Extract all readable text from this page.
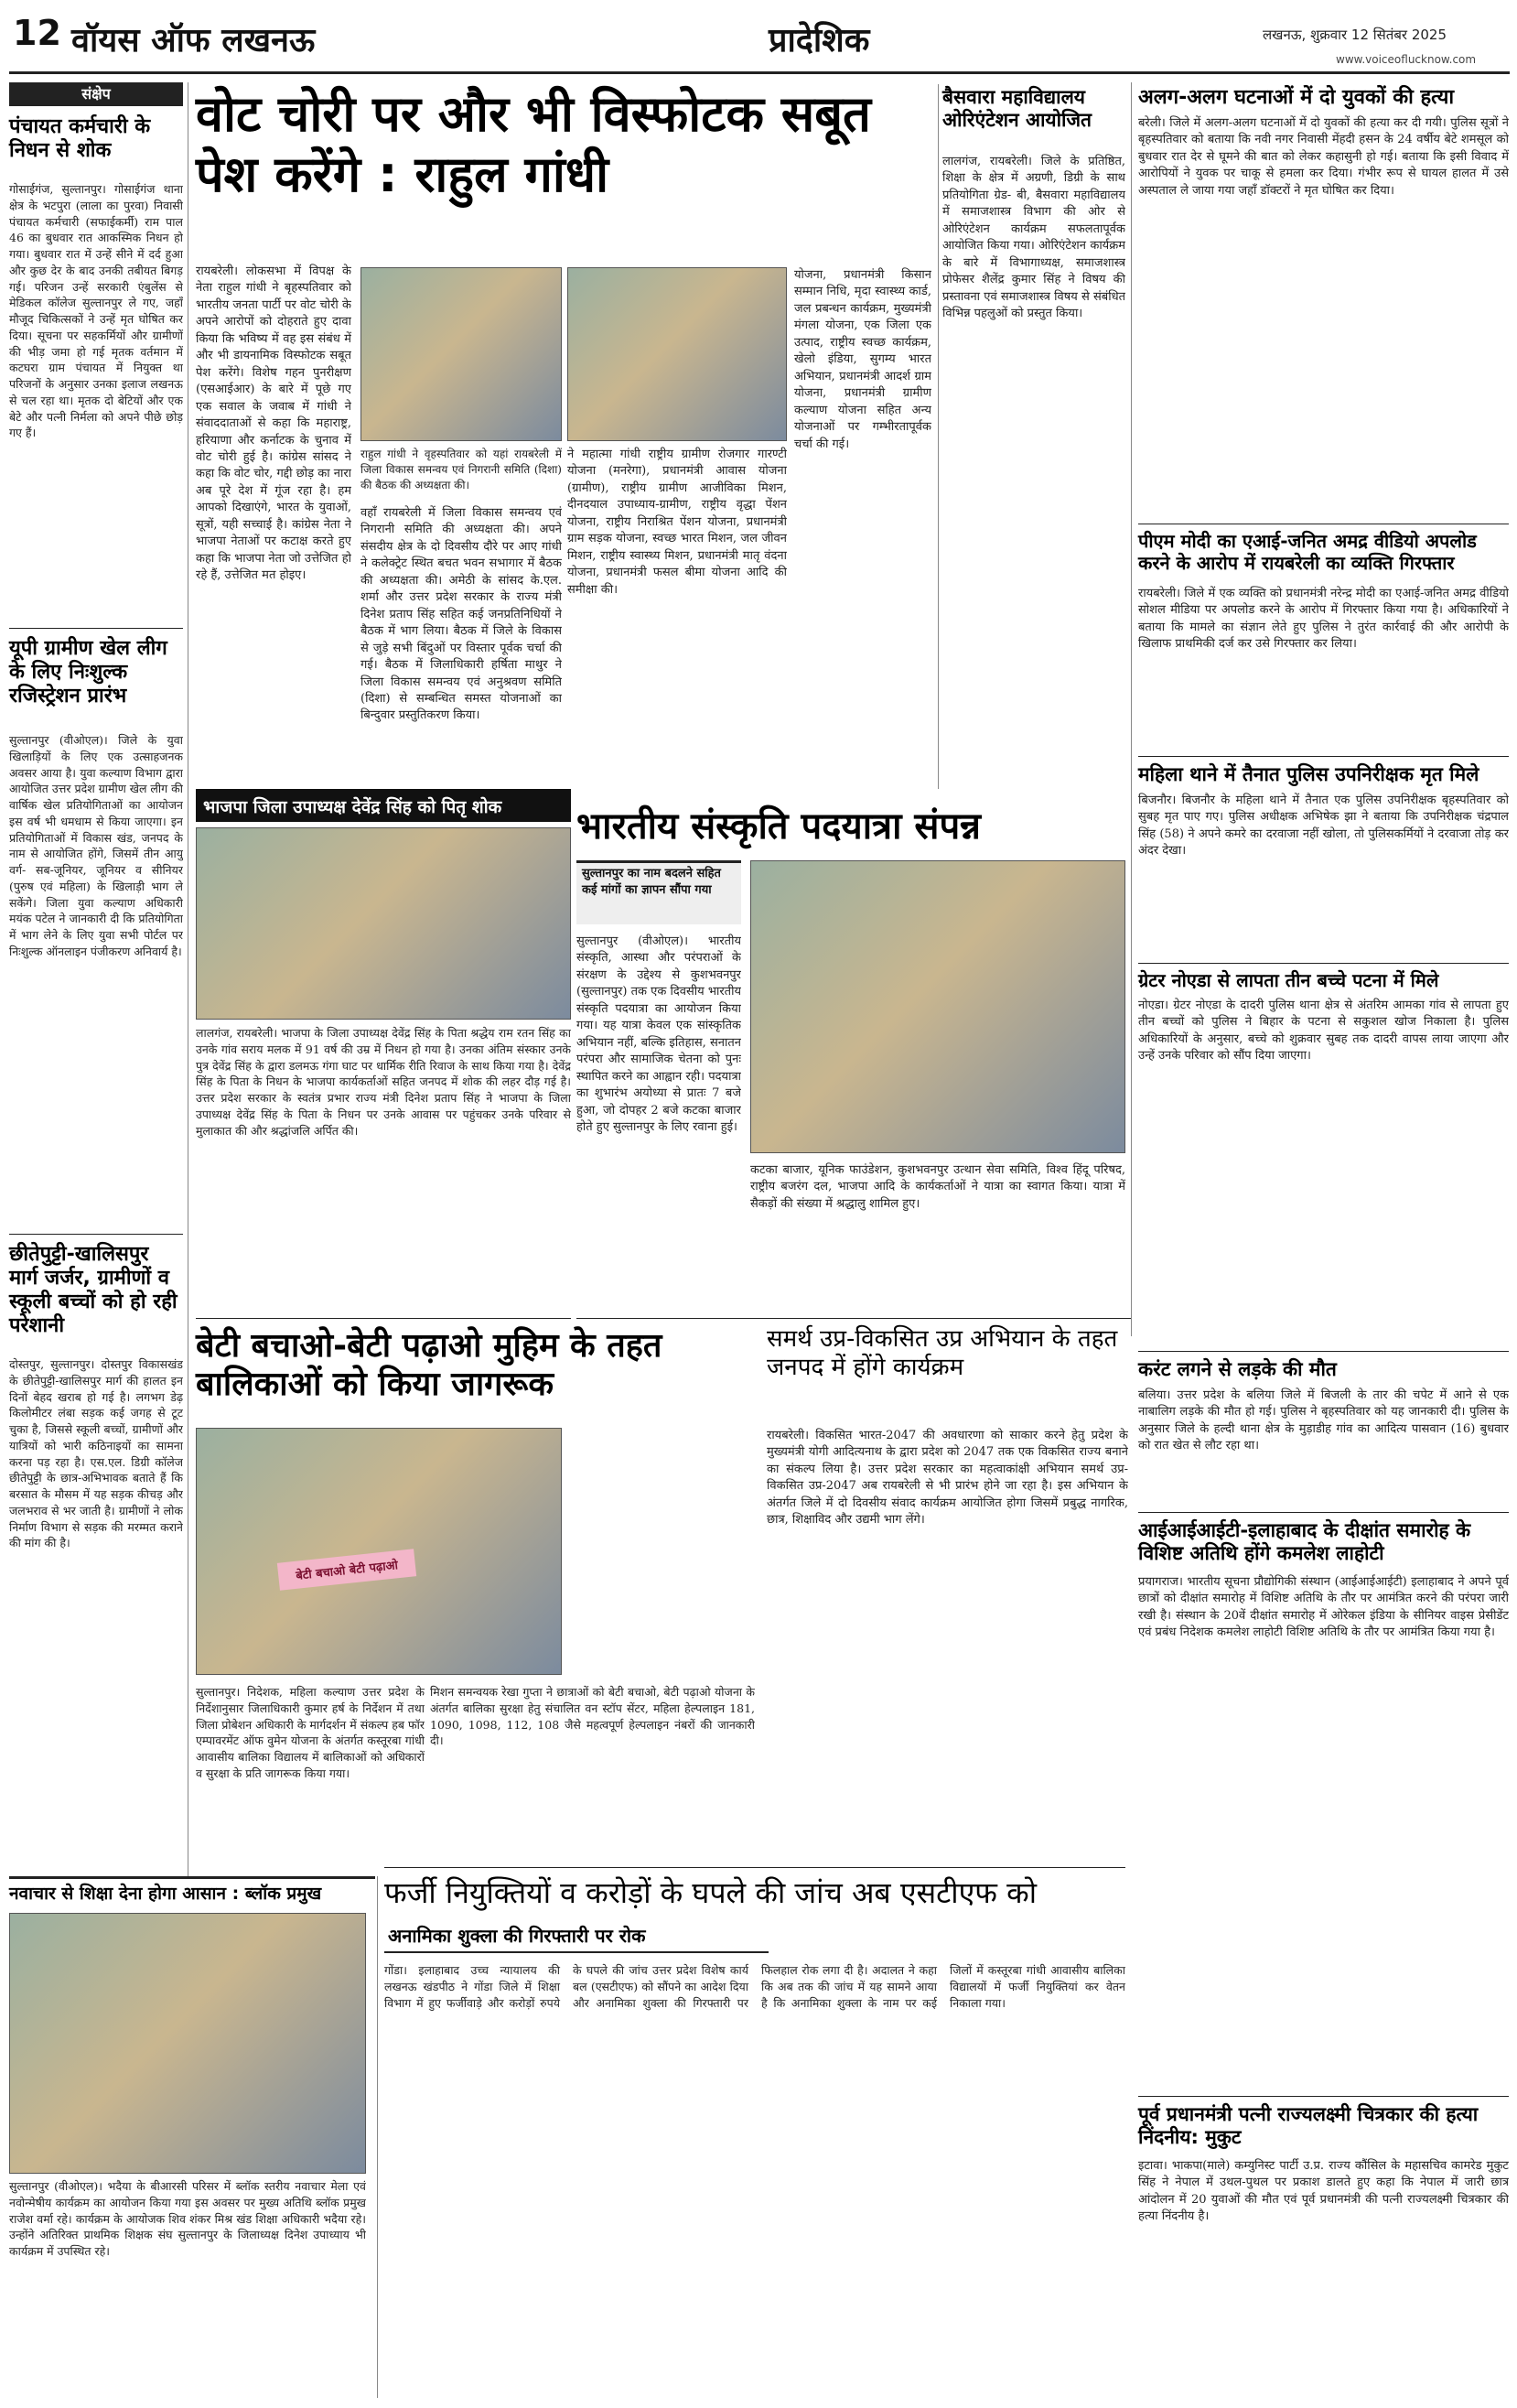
12 वॉयस ऑफ लखनऊ	प्रादेशिक	लखनऊ, शुक्रवार 12 सितंबर 2025
www.voiceoflucknow.com
संक्षेप
पंचायत कर्मचारी के निधन से शोक
गोसाईगंज, सुल्तानपुर। गोसाईगंज थाना क्षेत्र के भटपुरा (लाला का पुरवा) निवासी पंचायत कर्मचारी (सफाईकर्मी) राम पाल 46 का बुधवार रात आकस्मिक निधन हो गया। बुधवार रात में उन्हें सीने में दर्द हुआ और कुछ देर के बाद उनकी तबीयत बिगड़ गई। परिजन उन्हें सरकारी एंबुलेंस से मेडिकल कॉलेज सुल्तानपुर ले गए, जहाँ मौजूद चिकित्सकों ने उन्हें मृत घोषित कर दिया। सूचना पर सहकर्मियों और ग्रामीणों की भीड़ जमा हो गई मृतक वर्तमान में कटघरा ग्राम पंचायत में नियुक्त था परिजनों के अनुसार उनका इलाज लखनऊ से चल रहा था। मृतक दो बेटियों और एक बेटे और पत्नी निर्मला को अपने पीछे छोड़ गए हैं।
यूपी ग्रामीण खेल लीग के लिए निःशुल्क रजिस्ट्रेशन प्रारंभ
सुल्तानपुर (वीओएल)। जिले के युवा खिलाड़ियों के लिए एक उत्साहजनक अवसर आया है। युवा कल्याण विभाग द्वारा आयोजित उत्तर प्रदेश ग्रामीण खेल लीग की वार्षिक खेल प्रतियोगिताओं का आयोजन इस वर्ष भी धमधाम से किया जाएगा। इन प्रतियोगिताओं में विकास खंड, जनपद के नाम से आयोजित होंगे, जिसमें तीन आयु वर्ग- सब-जूनियर, जूनियर व सीनियर (पुरुष एवं महिला) के खिलाड़ी भाग ले सकेंगे। जिला युवा कल्याण अधिकारी मयंक पटेल ने जानकारी दी कि प्रतियोगिता में भाग लेने के लिए युवा सभी पोर्टल पर निःशुल्क ऑनलाइन पंजीकरण अनिवार्य है।
छीतेपुट्टी-खालिसपुर मार्ग जर्जर, ग्रामीणों व स्कूली बच्चों को हो रही परेशानी
दोस्तपुर, सुल्तानपुर। दोस्तपुर विकासखंड के छीतेपुट्टी-खालिसपुर मार्ग की हालत इन दिनों बेहद खराब हो गई है। लगभग डेढ़ किलोमीटर लंबा सड़क कई जगह से टूट चुका है, जिससे स्कूली बच्चों, ग्रामीणों और यात्रियों को भारी कठिनाइयों का सामना करना पड़ रहा है। एस.एल. डिग्री कॉलेज छीतेपुट्टी के छात्र-अभिभावक बताते हैं कि बरसात के मौसम में यह सड़क कीचड़ और जलभराव से भर जाती है। ग्रामीणों ने लोक निर्माण विभाग से सड़क की मरम्मत कराने की मांग की है।
वोट चोरी पर और भी विस्फोटक सबूत पेश करेंगे : राहुल गांधी
रायबरेली। लोकसभा में विपक्ष के नेता राहुल गांधी ने बृहस्पतिवार को भारतीय जनता पार्टी पर वोट चोरी के अपने आरोपों को दोहराते हुए दावा किया कि भविष्य में वह इस संबंध में और भी डायनामिक विस्फोटक सबूत पेश करेंगे। विशेष गहन पुनरीक्षण (एसआईआर) के बारे में पूछे गए एक सवाल के जवाब में गांधी ने संवाददाताओं से कहा कि महाराष्ट्र, हरियाणा और कर्नाटक के चुनाव में वोट चोरी हुई है। कांग्रेस सांसद ने कहा कि वोट चोर, गद्दी छोड़ का नारा अब पूरे देश में गूंज रहा है। हम आपको दिखाएंगे, भारत के युवाओं, सूत्रों, यही सच्चाई है। कांग्रेस नेता ने भाजपा नेताओं पर कटाक्ष करते हुए कहा कि भाजपा नेता जो उत्तेजित हो रहे हैं, उत्तेजित मत होइए।
राहुल गांधी ने वृहस्पतिवार को यहां रायबरेली में जिला विकास समन्वय एवं निगरानी समिति (दिशा) की बैठक की अध्यक्षता की।
वहाँ रायबरेली में जिला विकास समन्वय एवं निगरानी समिति की अध्यक्षता की। अपने संसदीय क्षेत्र के दो दिवसीय दौरे पर आए गांधी ने कलेक्ट्रेट स्थित बचत भवन सभागार में बैठक की अध्यक्षता की। अमेठी के सांसद के.एल. शर्मा और उत्तर प्रदेश सरकार के राज्य मंत्री दिनेश प्रताप सिंह सहित कई जनप्रतिनिधियों ने बैठक में भाग लिया। बैठक में जिले के विकास से जुड़े सभी बिंदुओं पर विस्तार पूर्वक चर्चा की गई। बैठक में जिलाधिकारी हर्षिता माथुर ने जिला विकास समन्वय एवं अनुश्रवण समिति (दिशा) से सम्बन्धित समस्त योजनाओं का बिन्दुवार प्रस्तुतिकरण किया।
ने महात्मा गांधी राष्ट्रीय ग्रामीण रोजगार गारण्टी योजना (मनरेगा), प्रधानमंत्री आवास योजना (ग्रामीण), राष्ट्रीय ग्रामीण आजीविका मिशन, दीनदयाल उपाध्याय-ग्रामीण, राष्ट्रीय वृद्धा पेंशन योजना, राष्ट्रीय निराश्रित पेंशन योजना, प्रधानमंत्री ग्राम सड़क योजना, स्वच्छ भारत मिशन, जल जीवन मिशन, राष्ट्रीय स्वास्थ्य मिशन, प्रधानमंत्री मातृ वंदना योजना, प्रधानमंत्री फसल बीमा योजना आदि की समीक्षा की।
योजना, प्रधानमंत्री किसान सम्मान निधि, मृदा स्वास्थ्य कार्ड, जल प्रबन्धन कार्यक्रम, मुख्यमंत्री मंगला योजना, एक जिला एक उत्पाद, राष्ट्रीय स्वच्छ कार्यक्रम, खेलो इंडिया, सुगम्य भारत अभियान, प्रधानमंत्री आदर्श ग्राम योजना, प्रधानमंत्री ग्रामीण कल्याण योजना सहित अन्य योजनाओं पर गम्भीरतापूर्वक चर्चा की गई।
भाजपा जिला उपाध्यक्ष देवेंद्र सिंह को पितृ शोक
लालगंज, रायबरेली। भाजपा के जिला उपाध्यक्ष देवेंद्र सिंह के पिता श्रद्धेय राम रतन सिंह का उनके गांव सराय मलक में 91 वर्ष की उम्र में निधन हो गया है। उनका अंतिम संस्कार उनके पुत्र देवेंद्र सिंह के द्वारा डलमऊ गंगा घाट पर धार्मिक रीति रिवाज के साथ किया गया है। देवेंद्र सिंह के पिता के निधन के भाजपा कार्यकर्ताओं सहित जनपद में शोक की लहर दौड़ गई है। उत्तर प्रदेश सरकार के स्वतंत्र प्रभार राज्य मंत्री दिनेश प्रताप सिंह ने भाजपा के जिला उपाध्यक्ष देवेंद्र सिंह के पिता के निधन पर उनके आवास पर पहुंचकर उनके परिवार से मुलाकात की और श्रद्धांजलि अर्पित की।
भारतीय संस्कृति पदयात्रा संपन्न
सुल्तानपुर का नाम बदलने सहित कई मांगों का ज्ञापन सौंपा गया
सुल्तानपुर (वीओएल)। भारतीय संस्कृति, आस्था और परंपराओं के संरक्षण के उद्देश्य से कुशभवनपुर (सुल्तानपुर) तक एक दिवसीय भारतीय संस्कृति पदयात्रा का आयोजन किया गया। यह यात्रा केवल एक सांस्कृतिक अभियान नहीं, बल्कि इतिहास, सनातन परंपरा और सामाजिक चेतना को पुनः स्थापित करने का आह्वान रही। पदयात्रा का शुभारंभ अयोध्या से प्रातः 7 बजे हुआ, जो दोपहर 2 बजे कटका बाजार होते हुए सुल्तानपुर के लिए रवाना हुई।
कटका बाजार, यूनिक फाउंडेशन, कुशभवनपुर उत्थान सेवा समिति, विश्व हिंदू परिषद, राष्ट्रीय बजरंग दल, भाजपा आदि के कार्यकर्ताओं ने यात्रा का स्वागत किया। यात्रा में सैकड़ों की संख्या में श्रद्धालु शामिल हुए।
बैसवारा महाविद्यालय ओरिएंटेशन आयोजित
लालगंज, रायबरेली। जिले के प्रतिष्ठित, शिक्षा के क्षेत्र में अग्रणी, डिग्री के साथ प्रतियोगिता ग्रेड- बी, बैसवारा महाविद्यालय में समाजशास्त्र विभाग की ओर से ओरिएंटेशन कार्यक्रम सफलतापूर्वक आयोजित किया गया। ओरिएंटेशन कार्यक्रम के बारे में विभागाध्यक्ष, समाजशास्त्र प्रोफेसर शैलेंद्र कुमार सिंह ने विषय की प्रस्तावना एवं समाजशास्त्र विषय से संबंधित विभिन्न पहलुओं को प्रस्तुत किया।
अलग-अलग घटनाओं में दो युवकों की हत्या
बरेली। जिले में अलग-अलग घटनाओं में दो युवकों की हत्या कर दी गयी। पुलिस सूत्रों ने बृहस्पतिवार को बताया कि नवी नगर निवासी मेंहदी हसन के 24 वर्षीय बेटे शमसूल को बुधवार रात देर से घूमने की बात को लेकर कहासुनी हो गई। बताया कि इसी विवाद में आरोपियों ने युवक पर चाकू से हमला कर दिया। गंभीर रूप से घायल हालत में उसे अस्पताल ले जाया गया जहाँ डॉक्टरों ने मृत घोषित कर दिया।
पीएम मोदी का एआई-जनित अमद्र वीडियो अपलोड करने के आरोप में रायबरेली का व्यक्ति गिरफ्तार
रायबरेली। जिले में एक व्यक्ति को प्रधानमंत्री नरेन्द्र मोदी का एआई-जनित अमद्र वीडियो सोशल मीडिया पर अपलोड करने के आरोप में गिरफ्तार किया गया है। अधिकारियों ने बताया कि मामले का संज्ञान लेते हुए पुलिस ने तुरंत कार्रवाई की और आरोपी के खिलाफ प्राथमिकी दर्ज कर उसे गिरफ्तार कर लिया।
महिला थाने में तैनात पुलिस उपनिरीक्षक मृत मिले
बिजनौर। बिजनौर के महिला थाने में तैनात एक पुलिस उपनिरीक्षक बृहस्पतिवार को सुबह मृत पाए गए। पुलिस अधीक्षक अभिषेक झा ने बताया कि उपनिरीक्षक चंद्रपाल सिंह (58) ने अपने कमरे का दरवाजा नहीं खोला, तो पुलिसकर्मियों ने दरवाजा तोड़ कर अंदर देखा।
ग्रेटर नोएडा से लापता तीन बच्चे पटना में मिले
नोएडा। ग्रेटर नोएडा के दादरी पुलिस थाना क्षेत्र से अंतरिम आमका गांव से लापता हुए तीन बच्चों को पुलिस ने बिहार के पटना से सकुशल खोज निकाला है। पुलिस अधिकारियों के अनुसार, बच्चे को शुक्रवार सुबह तक दादरी वापस लाया जाएगा और उन्हें उनके परिवार को सौंप दिया जाएगा।
करंट लगने से लड़के की मौत
बलिया। उत्तर प्रदेश के बलिया जिले में बिजली के तार की चपेट में आने से एक नाबालिग लड़के की मौत हो गई। पुलिस ने बृहस्पतिवार को यह जानकारी दी। पुलिस के अनुसार जिले के हल्दी थाना क्षेत्र के मुड़ाडीह गांव का आदित्य पासवान (16) बुधवार को रात खेत से लौट रहा था।
आईआईआईटी-इलाहाबाद के दीक्षांत समारोह के विशिष्ट अतिथि होंगे कमलेश लाहोटी
प्रयागराज। भारतीय सूचना प्रौद्योगिकी संस्थान (आईआईआईटी) इलाहाबाद ने अपने पूर्व छात्रों को दीक्षांत समारोह में विशिष्ट अतिथि के तौर पर आमंत्रित करने की परंपरा जारी रखी है। संस्थान के 20वें दीक्षांत समारोह में ओरेकल इंडिया के सीनियर वाइस प्रेसीडेंट एवं प्रबंध निदेशक कमलेश लाहोटी विशिष्ट अतिथि के तौर पर आमंत्रित किया गया है।
पूर्व प्रधानमंत्री पत्नी राज्यलक्ष्मी चित्रकार की हत्या निंदनीय: मुकुट
इटावा। भाकपा(माले) कम्युनिस्ट पार्टी उ.प्र. राज्य कौंसिल के महासचिव कामरेड मुकुट सिंह ने नेपाल में उथल-पुथल पर प्रकाश डालते हुए कहा कि नेपाल में जारी छात्र आंदोलन में 20 युवाओं की मौत एवं पूर्व प्रधानमंत्री की पत्नी राज्यलक्ष्मी चित्रकार की हत्या निंदनीय है।
समर्थ उप्र-विकसित उप्र अभियान के तहत जनपद में होंगे कार्यक्रम
रायबरेली। विकसित भारत-2047 की अवधारणा को साकार करने हेतु प्रदेश के मुख्यमंत्री योगी आदित्यनाथ के द्वारा प्रदेश को 2047 तक एक विकसित राज्य बनाने का संकल्प लिया है। उत्तर प्रदेश सरकार का महत्वाकांक्षी अभियान समर्थ उप्र-विकसित उप्र-2047 अब रायबरेली से भी प्रारंभ होने जा रहा है। इस अभियान के अंतर्गत जिले में दो दिवसीय संवाद कार्यक्रम आयोजित होगा जिसमें प्रबुद्ध नागरिक, छात्र, शिक्षाविद और उद्यमी भाग लेंगे।
बेटी बचाओ-बेटी पढ़ाओ मुहिम के तहत बालिकाओं को किया जागरूक
बेटी बचाओ बेटी पढ़ाओ
सुल्तानपुर। निदेशक, महिला कल्याण उत्तर प्रदेश के निर्देशानुसार जिलाधिकारी कुमार हर्ष के निर्देशन में तथा जिला प्रोबेशन अधिकारी के मार्गदर्शन में संकल्प हब फॉर एम्पावरमेंट ऑफ वुमेन योजना के अंतर्गत कस्तूरबा गांधी आवासीय बालिका विद्यालय में बालिकाओं को अधिकारों व सुरक्षा के प्रति जागरूक किया गया।
मिशन समन्वयक रेखा गुप्ता ने छात्राओं को बेटी बचाओ, बेटी पढ़ाओ योजना के अंतर्गत बालिका सुरक्षा हेतु संचालित वन स्टॉप सेंटर, महिला हेल्पलाइन 181, 1090, 1098, 112, 108 जैसे महत्वपूर्ण हेल्पलाइन नंबरों की जानकारी दी।
नवाचार से शिक्षा देना होगा आसान : ब्लॉक प्रमुख
सुल्तानपुर (वीओएल)। भदैया के बीआरसी परिसर में ब्लॉक स्तरीय नवाचार मेला एवं नवोन्मेषीय कार्यक्रम का आयोजन किया गया इस अवसर पर मुख्य अतिथि ब्लॉक प्रमुख राजेश वर्मा रहे। कार्यक्रम के आयोजक शिव शंकर मिश्र खंड शिक्षा अधिकारी भदैया रहे। उन्होंने अतिरिक्त प्राथमिक शिक्षक संघ सुल्तानपुर के जिलाध्यक्ष दिनेश उपाध्याय भी कार्यक्रम में उपस्थित रहे।
फर्जी नियुक्तियों व करोड़ों के घपले की जांच अब एसटीएफ को
अनामिका शुक्ला की गिरफ्तारी पर रोक
गोंडा। इलाहाबाद उच्च न्यायालय की लखनऊ खंडपीठ ने गोंडा जिले में शिक्षा विभाग में हुए फर्जीवाड़े और करोड़ों रुपये के घपले की जांच उत्तर प्रदेश विशेष कार्य बल (एसटीएफ) को सौंपने का आदेश दिया और अनामिका शुक्ला की गिरफ्तारी पर फिलहाल रोक लगा दी है। अदालत ने कहा कि अब तक की जांच में यह सामने आया है कि अनामिका शुक्ला के नाम पर कई जिलों में कस्तूरबा गांधी आवासीय बालिका विद्यालयों में फर्जी नियुक्तियां कर वेतन निकाला गया।
